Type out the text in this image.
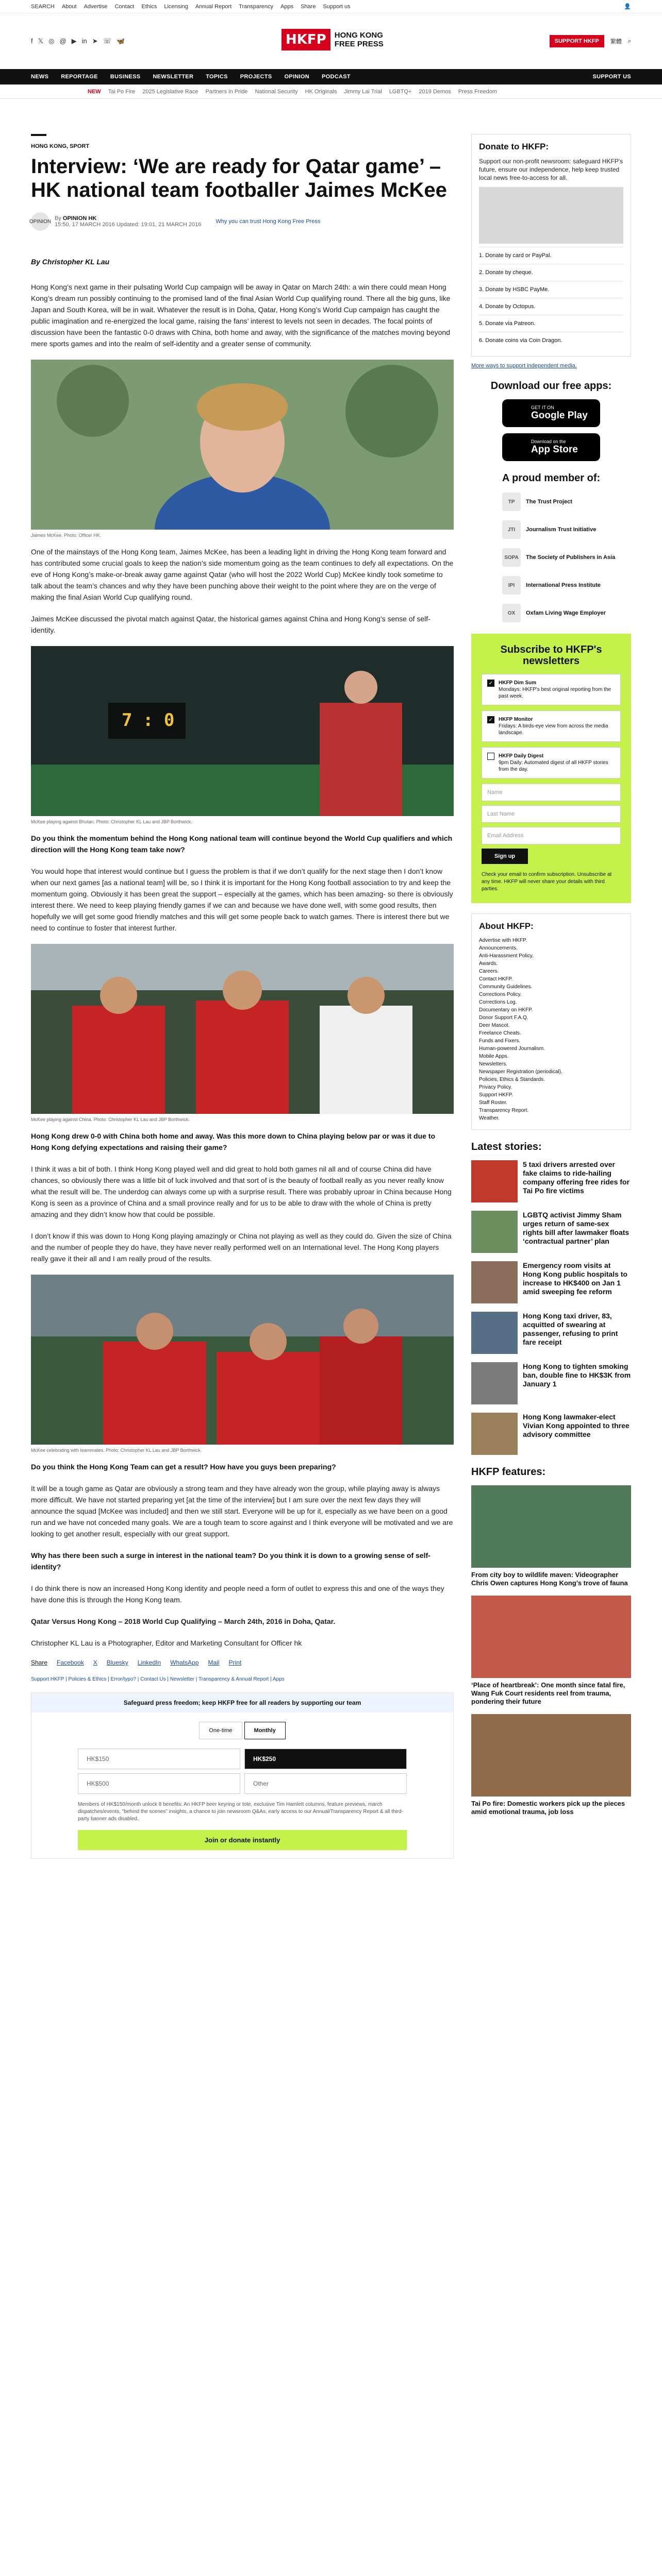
SEARCH About Advertise Contact Ethics Licensing Annual Report Transparency Apps Share Support us	👤
f 𝕏 ◎ @ ▶ in ➤ ☏ 🦋	HKFP	HONG KONG
FREE PRESS	SUPPORT HKFP	繁體 ⌕
NEWS REPORTAGE BUSINESS NEWSLETTER TOPICS PROJECTS OPINION PODCAST	SUPPORT US
NEW Tai Po Fire 2025 Legislative Race Partners in Pride National Security HK Originals Jimmy Lai Trial LGBTQ+ 2019 Demos Press Freedom
HONG KONG, SPORT
Interview: ‘We are ready for Qatar game’ – HK national team footballer Jaimes McKee
OPINION By OPINION HK
15:50, 17 MARCH 2016 Updated: 19:01, 21 MARCH 2016	Why you can trust Hong Kong Free Press
By Christopher KL Lau

Hong Kong’s next game in their pulsating World Cup campaign will be away in Qatar on March 24th: a win there could mean Hong Kong’s dream run possibly continuing to the promised land of the final Asian World Cup qualifying round. There all the big guns, like Japan and South Korea, will be in wait. Whatever the result is in Doha, Qatar, Hong Kong’s World Cup campaign has caught the public imagination and re-energized the local game, raising the fans’ interest to levels not seen in decades. The focal points of discussion have been the fantastic 0-0 draws with China, both home and away, with the significance of the matches moving beyond mere sports games and into the realm of self-identity and a greater sense of community.

Jaimes McKee. Photo: Officer HK.

One of the mainstays of the Hong Kong team, Jaimes McKee, has been a leading light in driving the Hong Kong team forward and has contributed some crucial goals to keep the nation’s side momentum going as the team continues to defy all expectations. On the eve of Hong Kong’s make-or-break away game against Qatar (who will host the 2022 World Cup) McKee kindly took sometime to talk about the team’s chances and why they have been punching above their weight to the point where they are on the verge of making the final Asian World Cup qualifying round.

Jaimes McKee discussed the pivotal match against Qatar, the historical games against China and Hong Kong’s sense of self-identity.

7 : 0
McKee playing against Bhutan. Photo: Christopher KL Lau and JBP Borthwick.

Do you think the momentum behind the Hong Kong national team will continue beyond the World Cup qualifiers and which direction will the Hong Kong team take now?

You would hope that interest would continue but I guess the problem is that if we don’t qualify for the next stage then I don’t know when our next games [as a national team] will be, so I think it is important for the Hong Kong football association to try and keep the momentum going. Obviously it has been great the support – especially at the games, which has been amazing- so there is obviously interest there. We need to keep playing friendly games if we can and because we have done well, with some good results, then hopefully we will get some good friendly matches and this will get some people back to watch games. There is interest there but we need to continue to foster that interest further.

McKee playing against China. Photo: Christopher KL Lau and JBP Borthwick.

Hong Kong drew 0-0 with China both home and away. Was this more down to China playing below par or was it due to Hong Kong defying expectations and raising their game?

I think it was a bit of both. I think Hong Kong played well and did great to hold both games nil all and of course China did have chances, so obviously there was a little bit of luck involved and that sort of is the beauty of football really as you never really know what the result will be. The underdog can always come up with a surprise result. There was probably uproar in China because Hong Kong is seen as a province of China and a small province really and for us to be able to draw with the whole of China is pretty amazing and they didn’t know how that could be possible.

I don’t know if this was down to Hong Kong playing amazingly or China not playing as well as they could do. Given the size of China and the number of people they do have, they have never really performed well on an International level. The Hong Kong players really gave it their all and I am really proud of the results.

McKee celebrating with teammates. Photo: Christopher KL Lau and JBP Borthwick.

Do you think the Hong Kong Team can get a result? How have you guys been preparing?

It will be a tough game as Qatar are obviously a strong team and they have already won the group, while playing away is always more difficult. We have not started preparing yet [at the time of the interview] but I am sure over the next few days they will announce the squad [McKee was included] and then we still start. Everyone will be up for it, especially as we have been on a good run and we have not conceded many goals. We are a tough team to score against and I think everyone will be motivated and we are looking to get another result, especially with our great support.

Why has there been such a surge in interest in the national team? Do you think it is down to a growing sense of self-identity?

I do think there is now an increased Hong Kong identity and people need a form of outlet to express this and one of the ways they have done this is through the Hong Kong team.

Qatar Versus Hong Kong – 2018 World Cup Qualifying – March 24th, 2016 in Doha, Qatar.

Christopher KL Lau is a Photographer, Editor and Marketing Consultant for Officer hk

Share Facebook X Bluesky LinkedIn WhatsApp Mail Print
Support HKFP | Policies & Ethics | Error/typo? | Contact Us | Newsletter | Transparency & Annual Report | Apps
Safeguard press freedom; keep HKFP free for all readers by supporting our team
One-time	Monthly
HK$150	HK$250
HK$500	Other
Members of HK$150/month unlock 8 benefits: An HKFP beer keyring or tote, exclusive Tim Hamlett columns, feature previews, march dispatches/events, "behind the scenes" insights, a chance to join newsroom Q&As, early access to our Annual/Transparency Report & all third-party banner ads disabled.
Join or donate instantly
Donate to HKFP:

Support our non-profit newsroom: safeguard HKFP's future, ensure our independence, help keep trusted local news free-to-access for all.

1. Donate by card or PayPal.
2. Donate by cheque.
3. Donate by HSBC PayMe.
4. Donate by Octopus.
5. Donate via Patreon.
6. Donate coins via Coin Dragon.
More ways to support independent media.
Download our free apps:
GET IT ON
Google Play
Download on the
App Store
A proud member of:
TP	The Trust Project
JTI	Journalism Trust Initiative
SOPA	The Society of Publishers in Asia
IPI	International Press Institute
OX	Oxfam Living Wage Employer
Subscribe to HKFP's newsletters
✓ HKFP Dim Sum
Mondays: HKFP's best original reporting from the past week.
✓ HKFP Monitor
Fridays: A birds-eye view from across the media landscape.
HKFP Daily Digest
9pm Daily: Automated digest of all HKFP stories from the day.
Name
Last Name
Email Address
Sign up
Check your email to confirm subscription. Unsubscribe at any time. HKFP will never share your details with third parties.
About HKFP:
Advertise with HKFP.
Announcements.
Anti-Harassment Policy.
Awards.
Careers.
Contact HKFP.
Community Guidelines.
Corrections Policy.
Corrections Log.
Documentary on HKFP.
Donor Support F.A.Q.
Deer Mascot.
Freelance Cheats.
Funds and Fixers.
Human-powered Journalism.
Mobile Apps.
Newsletters.
Newspaper Registration (periodical).
Policies, Ethics & Standards.
Privacy Policy.
Support HKFP.
Staff Roster.
Transparency Report.
Weather.
Latest stories:
5 taxi drivers arrested over fake claims to ride-hailing company offering free rides for Tai Po fire victims
LGBTQ activist Jimmy Sham urges return of same-sex rights bill after lawmaker floats ‘contractual partner’ plan
Emergency room visits at Hong Kong public hospitals to increase to HK$400 on Jan 1 amid sweeping fee reform
Hong Kong taxi driver, 83, acquitted of swearing at passenger, refusing to print fare receipt
Hong Kong to tighten smoking ban, double fine to HK$3K from January 1
Hong Kong lawmaker-elect Vivian Kong appointed to three advisory committee
HKFP features:
From city boy to wildlife maven: Videographer Chris Owen captures Hong Kong’s trove of fauna
‘Place of heartbreak’: One month since fatal fire, Wang Fuk Court residents reel from trauma, pondering their future
Tai Po fire: Domestic workers pick up the pieces amid emotional trauma, job loss
